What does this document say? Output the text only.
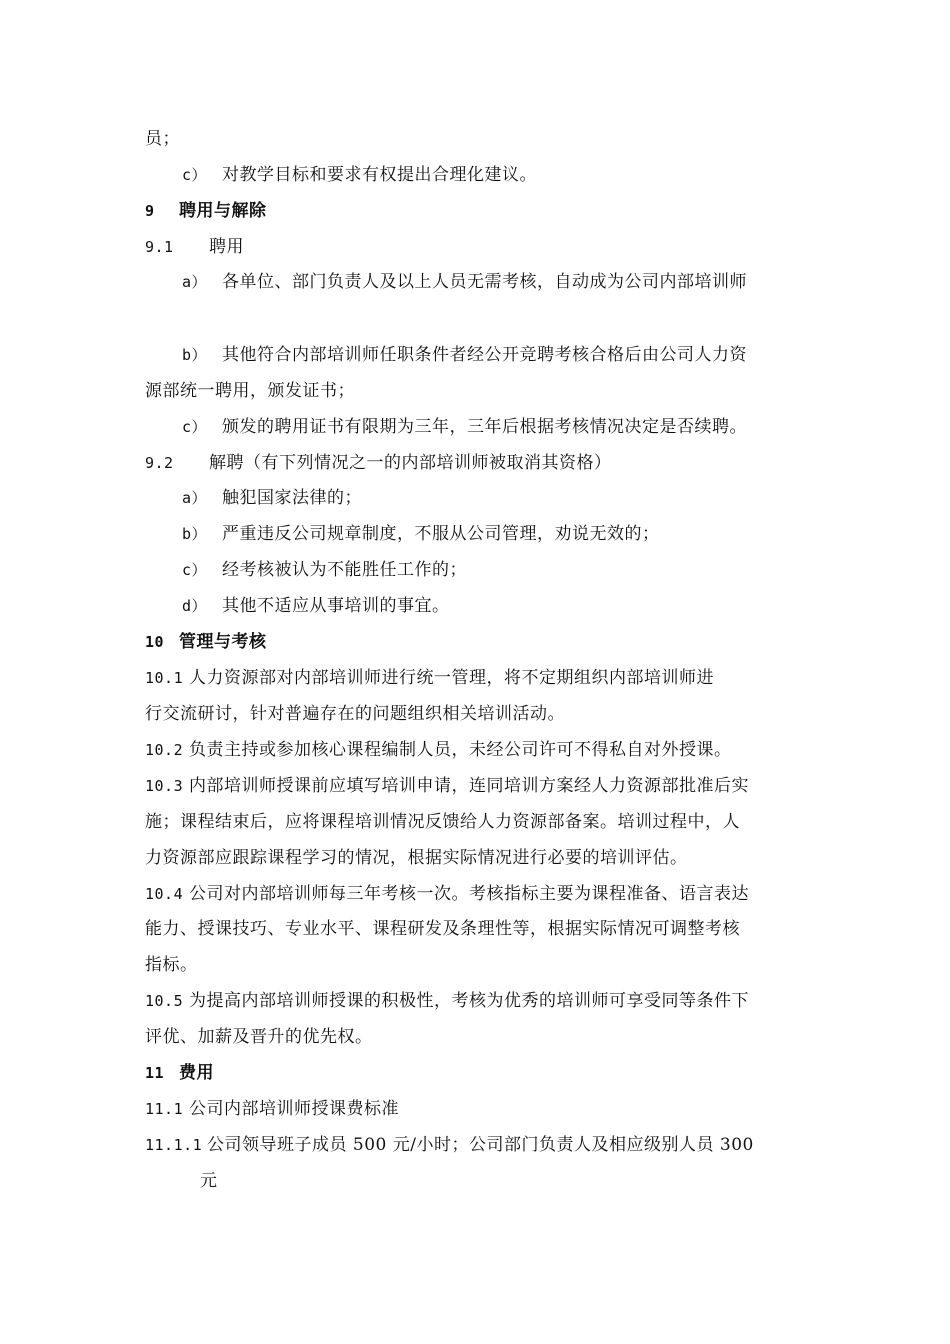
员；
c） 对教学目标和要求有权提出合理化建议。
9 聘用与解除
9.1 聘用
a） 各单位、部门负责人及以上人员无需考核，自动成为公司内部培训师
b） 其他符合内部培训师任职条件者经公开竞聘考核合格后由公司人力资
源部统一聘用，颁发证书；
c） 颁发的聘用证书有限期为三年，三年后根据考核情况决定是否续聘。
9.2 解聘（有下列情况之一的内部培训师被取消其资格）
a） 触犯国家法律的；
b） 严重违反公司规章制度，不服从公司管理，劝说无效的；
c） 经考核被认为不能胜任工作的；
d） 其他不适应从事培训的事宜。
10 管理与考核
10.1 人力资源部对内部培训师进行统一管理，将不定期组织内部培训师进
行交流研讨，针对普遍存在的问题组织相关培训活动。
10.2 负责主持或参加核心课程编制人员，未经公司许可不得私自对外授课。
10.3 内部培训师授课前应填写培训申请，连同培训方案经人力资源部批准后实
施；课程结束后，应将课程培训情况反馈给人力资源部备案。培训过程中，人
力资源部应跟踪课程学习的情况，根据实际情况进行必要的培训评估。
10.4 公司对内部培训师每三年考核一次。考核指标主要为课程准备、语言表达
能力、授课技巧、专业水平、课程研发及条理性等，根据实际情况可调整考核
指标。
10.5 为提高内部培训师授课的积极性，考核为优秀的培训师可享受同等条件下
评优、加薪及晋升的优先权。
11 费用
11.1 公司内部培训师授课费标准
11.1.1 公司领导班子成员 500 元/小时；公司部门负责人及相应级别人员 300
元
